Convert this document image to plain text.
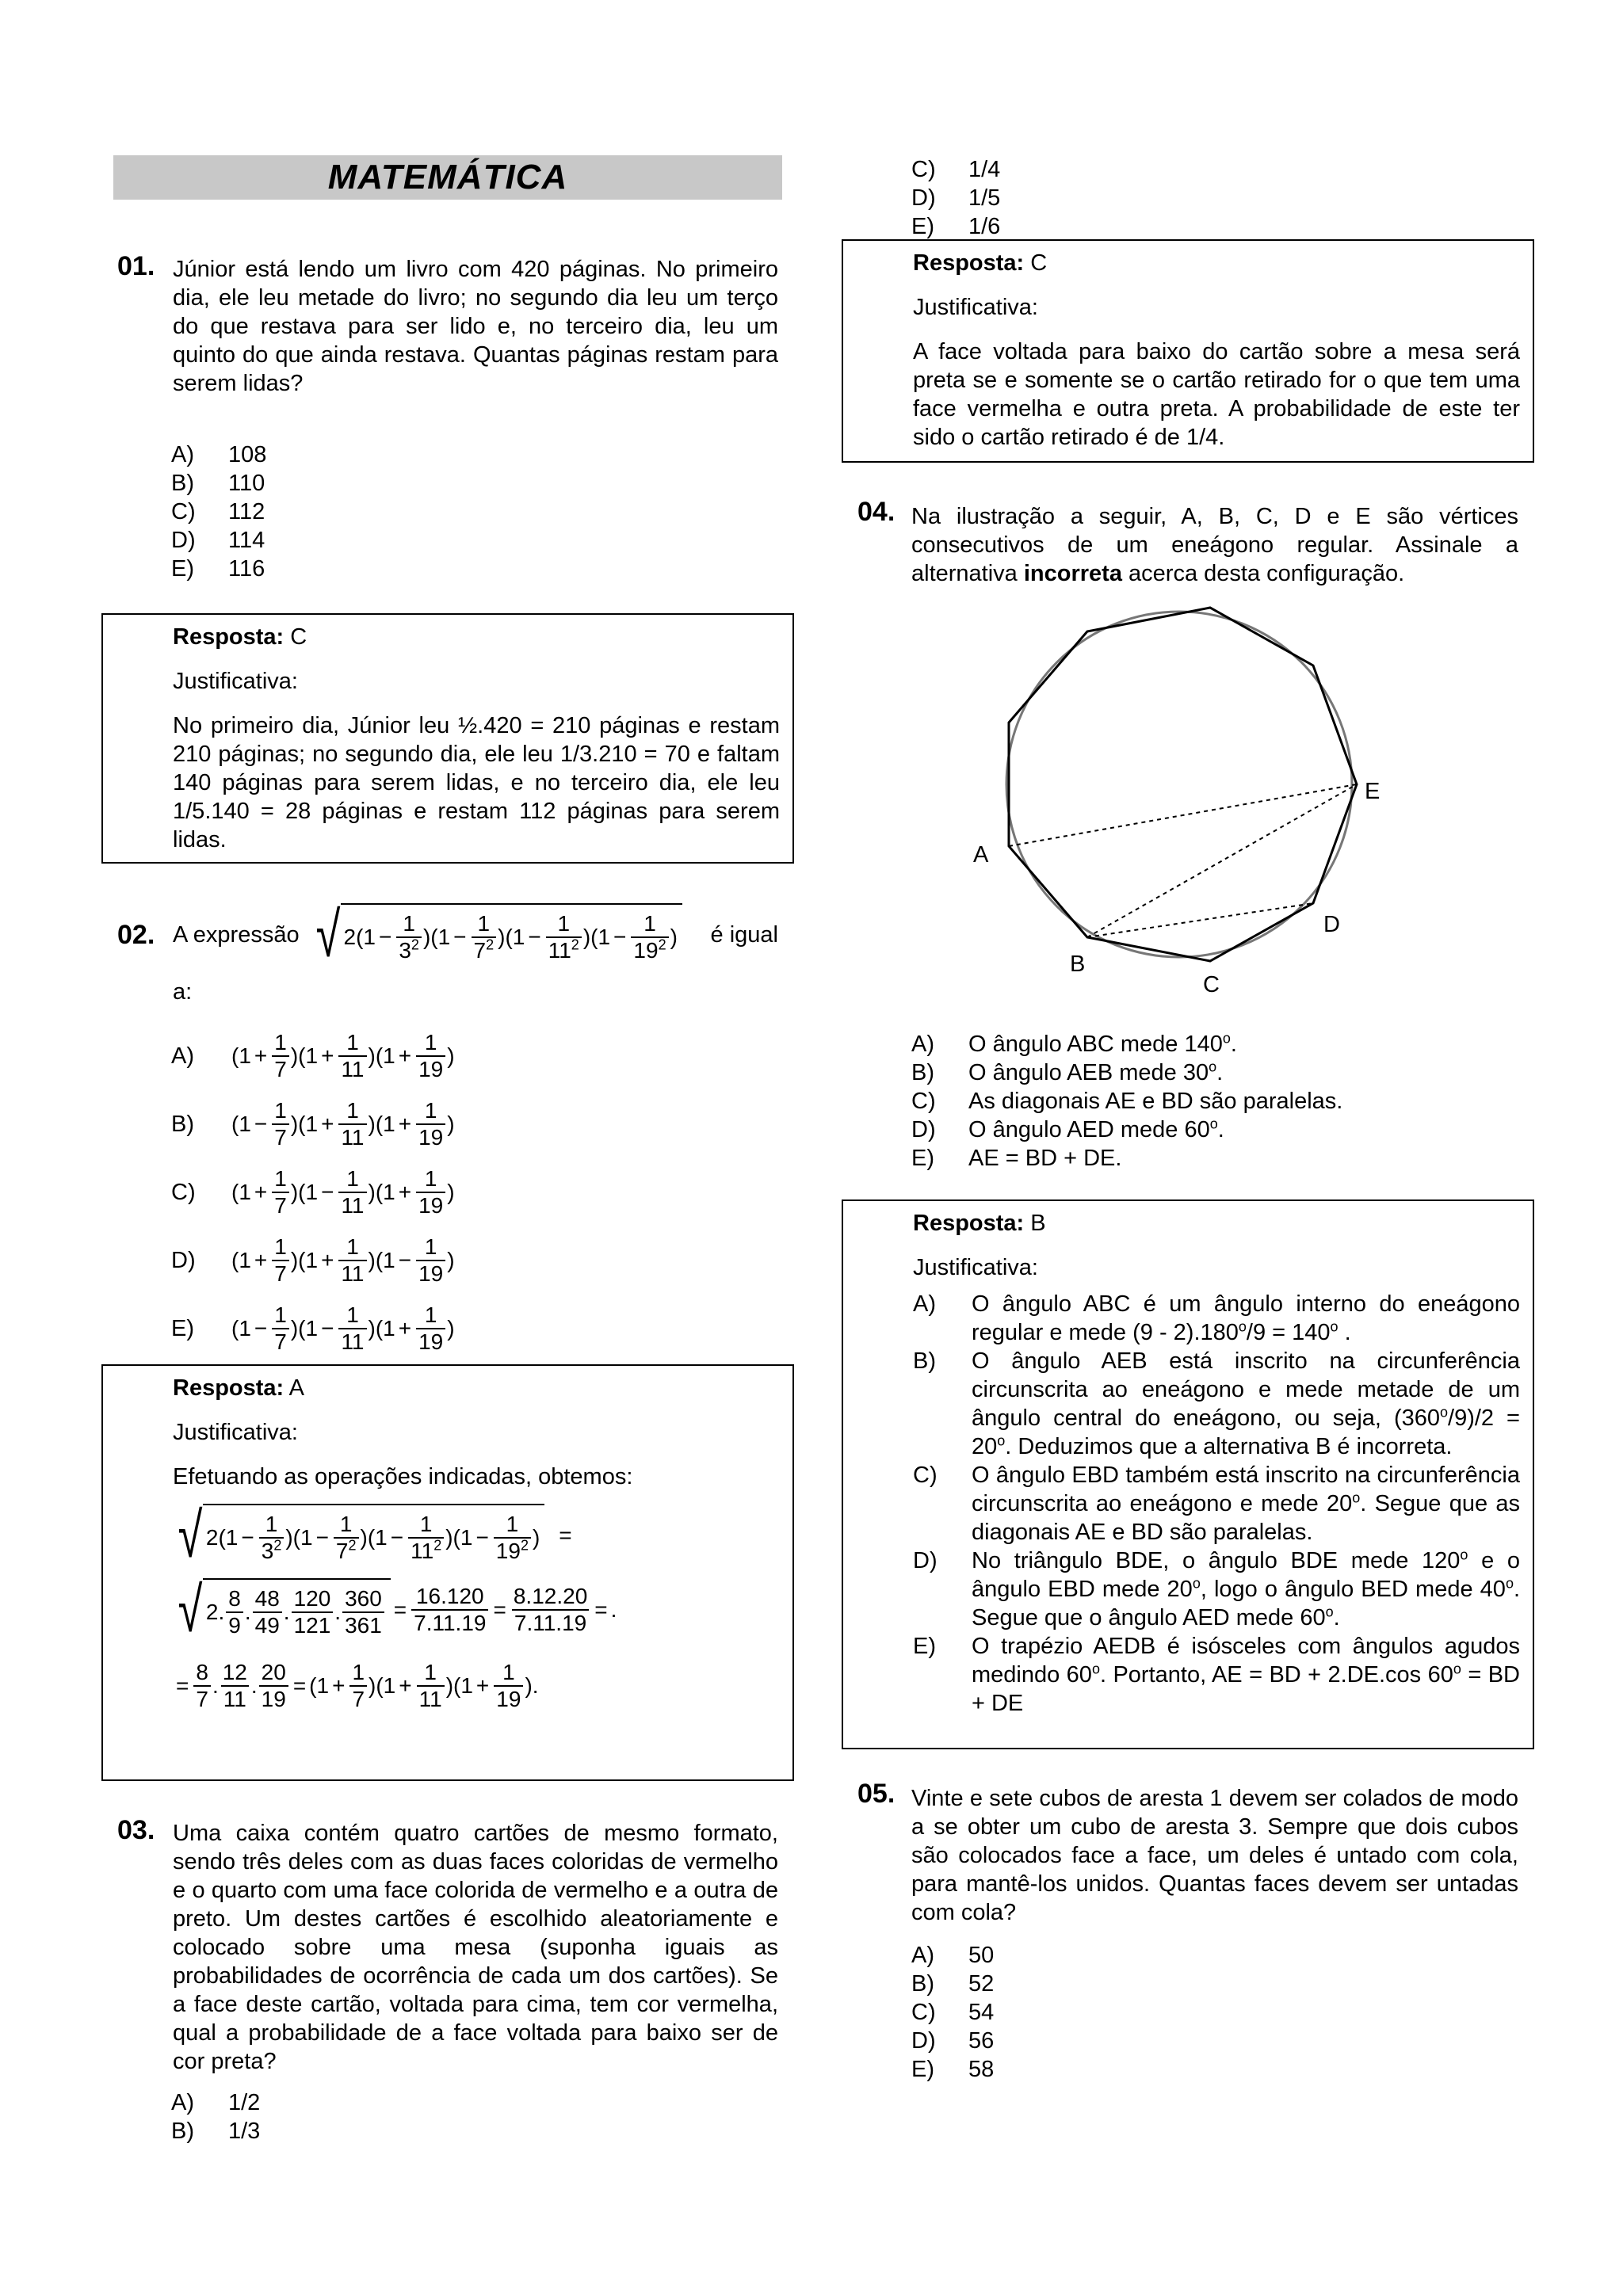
MATEMÁTICA
01. Júnior está lendo um livro com 420 páginas. No primeiro dia, ele leu metade do livro; no segundo dia leu um terço do que restava para ser lido e, no terceiro dia, leu um quinto do que ainda restava. Quantas páginas restam para serem lidas?
A)	108
B)	110
C)	112
D)	114
E)	116

Resposta: C

Justificativa:

No primeiro dia, Júnior leu ½.420 = 210 páginas e restam 210 páginas; no segundo dia, ele leu 1/3.210 = 70 e faltam 140 páginas para serem lidas, e no terceiro dia, ele leu 1/5.140 = 28 páginas e restam 112 páginas para serem lidas.

02. A expressão √ $2(1 - \frac{1}{3^2} )(1 - \frac{1}{7^2} )(1 - \frac{1}{11^2} )(1 - \frac{1}{19^2}$ ) é igual
a:
A)	$(1 + \frac{1}{7} )(1 + \frac{1}{11} )(1 + \frac{1}{19}$ )
B)	$(1 - \frac{1}{7} )(1 + \frac{1}{11} )(1 + \frac{1}{19}$ )
C)	$(1 + \frac{1}{7} )(1 - \frac{1}{11} )(1 + \frac{1}{19}$ )
D)	$(1 + \frac{1}{7} )(1 + \frac{1}{11} )(1 - \frac{1}{19}$ )
E)	$(1 - \frac{1}{7} )(1 - \frac{1}{11} )(1 + \frac{1}{19}$ )

Resposta: A

Justificativa:

Efetuando as operações indicadas, obtemos:

√ $2(1 - \frac{1}{3^2} )(1 - \frac{1}{7^2} )(1 - \frac{1}{11^2} )(1 - \frac{1}{19^2}$ ) =

√ 2.
8
9
.
48
49
.
120
121
.
360
361
= $\frac{16.120}{7.11.19} = \frac{8.12.20}{7.11.19}$ = .
= $\frac{8}{7}$ .
12
11
. $\frac{20}{19} = (1 + \frac{1}{7} )(1 + \frac{1}{11} )(1 + \frac{1}{19}$ ).
03. Uma caixa contém quatro cartões de mesmo formato, sendo três deles com as duas faces coloridas de vermelho e o quarto com uma face colorida de vermelho e a outra de preto. Um destes cartões é escolhido aleatoriamente e colocado sobre uma mesa (suponha iguais as probabilidades de ocorrência de cada um dos cartões). Se a face deste cartão, voltada para cima, tem cor vermelha, qual a probabilidade de a face voltada para baixo ser de cor preta?
A)	1/2
B)	1/3
C)	1/4
D)	1/5
E)	1/6

Resposta: C

Justificativa:

A face voltada para baixo do cartão sobre a mesa será preta se e somente se o cartão retirado for o que tem uma face vermelha e outra preta. A probabilidade de este ter sido o cartão retirado é de 1/4.

04. Na ilustração a seguir, A, B, C, D e E são vértices consecutivos de um eneágono regular. Assinale a alternativa incorreta acerca desta configuração.
A
B
C
D
E
A)	O ângulo ABC mede 140$^o$.
B)	O ângulo AEB mede 30$^o$.
C)	As diagonais AE e BD são paralelas.
D)	O ângulo AED mede 60$^o$.
E)	AE = BD + DE.

Resposta: B

Justificativa:

A)	O ângulo ABC é um ângulo interno do eneágono regular e mede $(9 - 2).180^o/9 = 140^o$ .
B)	O ângulo AEB está inscrito na circunferência circunscrita ao eneágono e mede metade de um ângulo central do eneágono, ou seja, $(360^o/9)/2 = 20^o$. Deduzimos que a alternativa B é incorreta.
C)	O ângulo EBD também está inscrito na circunferência circunscrita ao eneágono e mede 20$^o$. Segue que as diagonais AE e BD são paralelas.
D)	No triângulo BDE, o ângulo BDE mede 120$^o$ e o ângulo EBD mede 20$^o$, logo o ângulo BED mede 40$^o$. Segue que o ângulo AED mede 60$^o$.
E)	O trapézio AEDB é isósceles com ângulos agudos medindo 60$^o$. Portanto, AE = BD + 2.DE.cos $60^o$ = BD + DE
05. Vinte e sete cubos de aresta 1 devem ser colados de modo a se obter um cubo de aresta 3. Sempre que dois cubos são colocados face a face, um deles é untado com cola, para mantê-los unidos. Quantas faces devem ser untadas com cola?
A)	50
B)	52
C)	54
D)	56
E)	58
